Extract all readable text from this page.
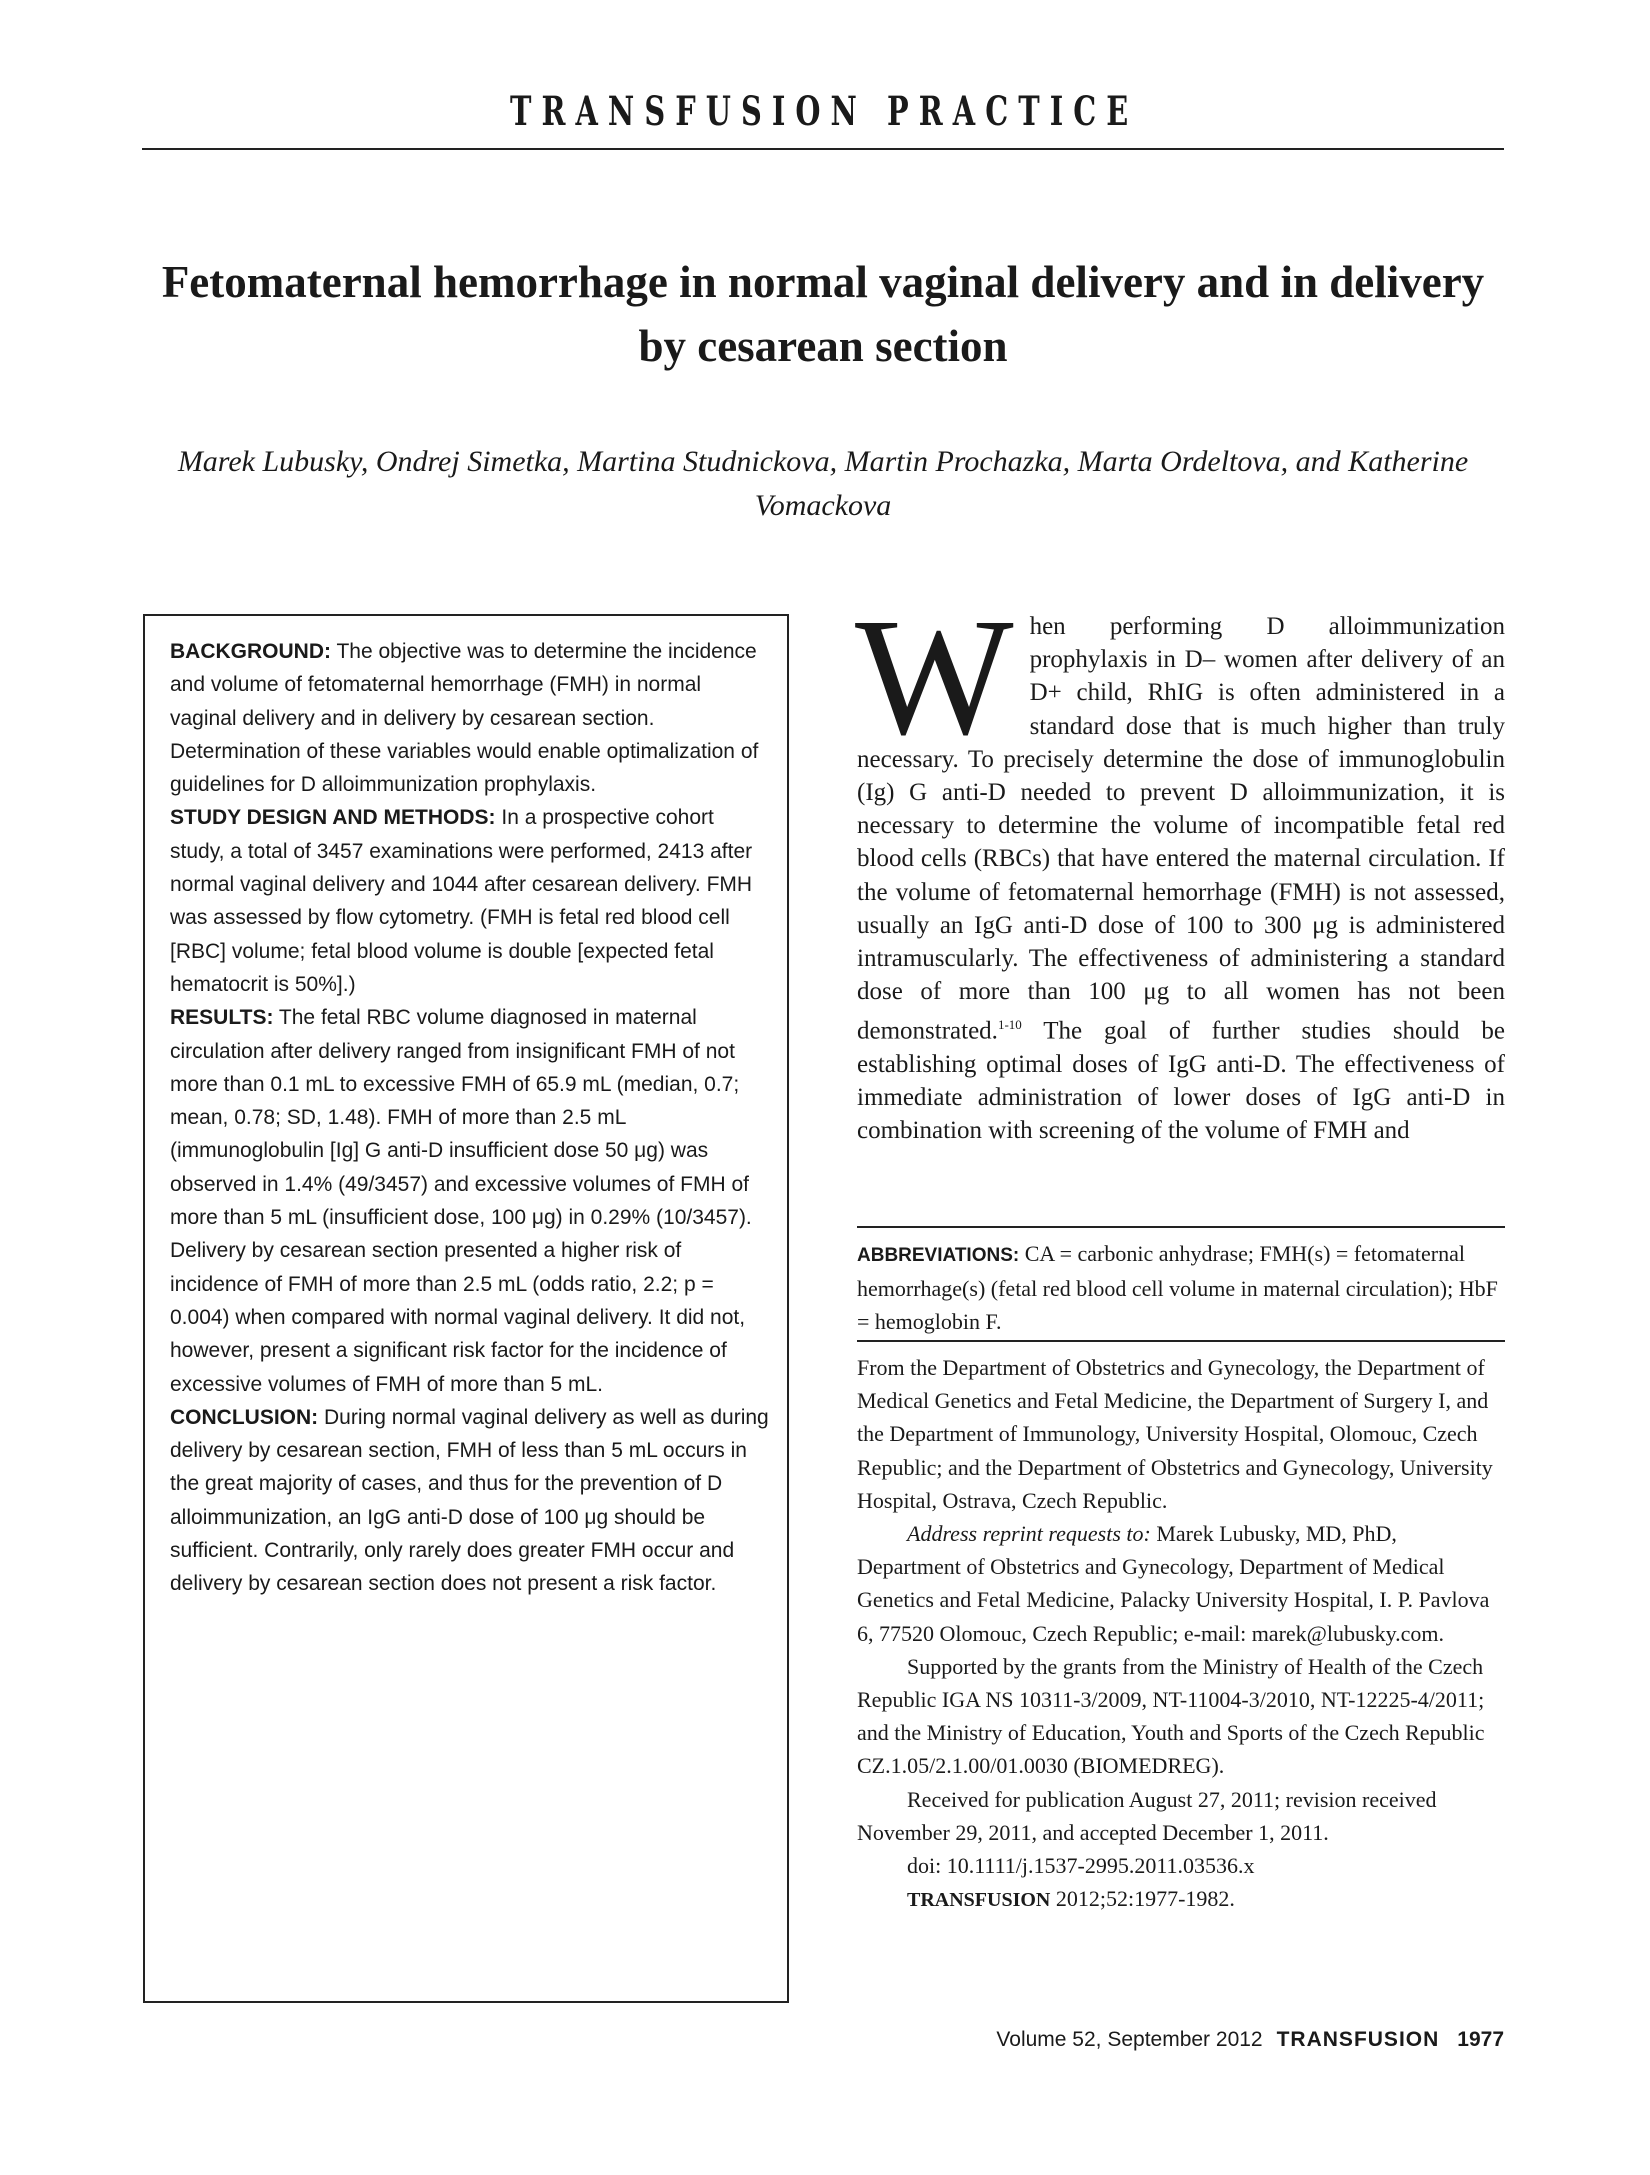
TRANSFUSION PRACTICE
Fetomaternal hemorrhage in normal vaginal delivery and in delivery by cesarean section
Marek Lubusky, Ondrej Simetka, Martina Studnickova, Martin Prochazka, Marta Ordeltova, and Katherine Vomackova

BACKGROUND: The objective was to determine the incidence and volume of fetomaternal hemorrhage (FMH) in normal vaginal delivery and in delivery by cesarean section. Determination of these variables would enable optimalization of guidelines for D alloimmunization prophylaxis.

STUDY DESIGN AND METHODS: In a prospective cohort study, a total of 3457 examinations were performed, 2413 after normal vaginal delivery and 1044 after cesarean delivery. FMH was assessed by flow cytometry. (FMH is fetal red blood cell [RBC] volume; fetal blood volume is double [expected fetal hematocrit is 50%].)

RESULTS: The fetal RBC volume diagnosed in maternal circulation after delivery ranged from insignificant FMH of not more than 0.1 mL to excessive FMH of 65.9 mL (median, 0.7; mean, 0.78; SD, 1.48). FMH of more than 2.5 mL (immunoglobulin [Ig] G anti-D insufficient dose 50 μg) was observed in 1.4% (49/3457) and excessive volumes of FMH of more than 5 mL (insufficient dose, 100 μg) in 0.29% (10/3457). Delivery by cesarean section presented a higher risk of incidence of FMH of more than 2.5 mL (odds ratio, 2.2; p = 0.004) when compared with normal vaginal delivery. It did not, however, present a significant risk factor for the incidence of excessive volumes of FMH of more than 5 mL.

CONCLUSION: During normal vaginal delivery as well as during delivery by cesarean section, FMH of less than 5 mL occurs in the great majority of cases, and thus for the prevention of D alloimmunization, an IgG anti-D dose of 100 μg should be sufficient. Contrarily, only rarely does greater FMH occur and delivery by cesarean section does not present a risk factor.

When performing D alloimmunization prophylaxis in D– women after delivery of an D+ child, RhIG is often administered in a standard dose that is much higher than truly necessary. To precisely determine the dose of immunoglobulin (Ig) G anti-D needed to prevent D alloimmunization, it is necessary to determine the volume of incompatible fetal red blood cells (RBCs) that have entered the maternal circulation. If the volume of fetomaternal hemorrhage (FMH) is not assessed, usually an IgG anti-D dose of 100 to 300 μg is administered intramuscularly. The effectiveness of administering a standard dose of more than 100 μg to all women has not been demonstrated.$^{1-10}$ The goal of further studies should be establishing optimal doses of IgG anti-D. The effectiveness of immediate administration of lower doses of IgG anti-D in combination with screening of the volume of FMH and

ABBREVIATIONS: CA = carbonic anhydrase; FMH(s) = fetomaternal hemorrhage(s) (fetal red blood cell volume in maternal circulation); HbF = hemoglobin F.

From the Department of Obstetrics and Gynecology, the Department of Medical Genetics and Fetal Medicine, the Department of Surgery I, and the Department of Immunology, University Hospital, Olomouc, Czech Republic; and the Department of Obstetrics and Gynecology, University Hospital, Ostrava, Czech Republic.

Address reprint requests to: Marek Lubusky, MD, PhD, Department of Obstetrics and Gynecology, Department of Medical Genetics and Fetal Medicine, Palacky University Hospital, I. P. Pavlova 6, 77520 Olomouc, Czech Republic; e-mail: marek@lubusky.com.

Supported by the grants from the Ministry of Health of the Czech Republic IGA NS 10311-3/2009, NT-11004-3/2010, NT-12225-4/2011; and the Ministry of Education, Youth and Sports of the Czech Republic CZ.1.05/2.1.00/01.0030 (BIOMEDREG).

Received for publication August 27, 2011; revision received November 29, 2011, and accepted December 1, 2011.

doi: 10.1111/j.1537-2995.2011.03536.x

TRANSFUSION 2012;52:1977-1982.

Volume 52, September 2012 TRANSFUSION 1977
